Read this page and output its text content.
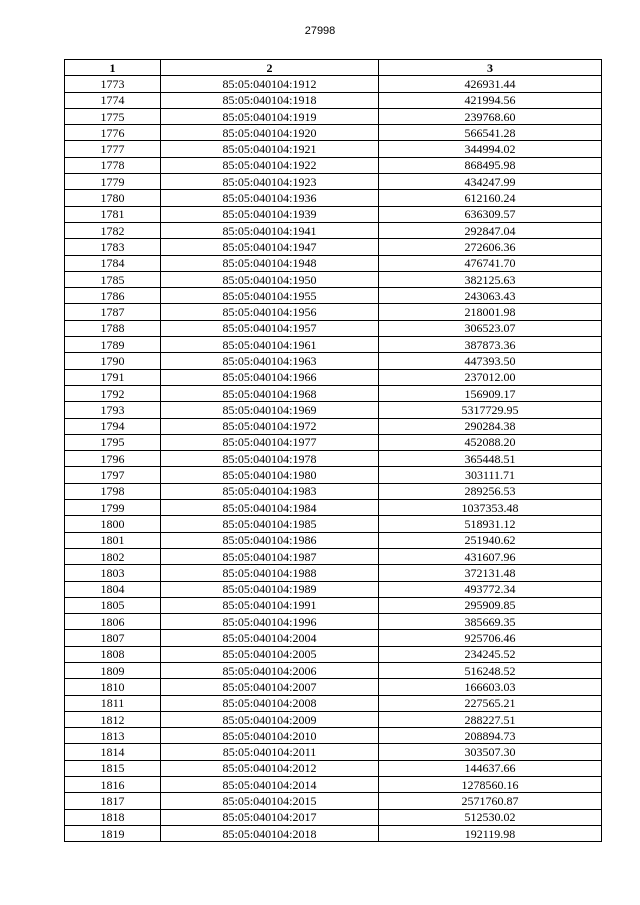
27998
1	2	3
1773	85:05:040104:1912	426931.44
1774	85:05:040104:1918	421994.56
1775	85:05:040104:1919	239768.60
1776	85:05:040104:1920	566541.28
1777	85:05:040104:1921	344994.02
1778	85:05:040104:1922	868495.98
1779	85:05:040104:1923	434247.99
1780	85:05:040104:1936	612160.24
1781	85:05:040104:1939	636309.57
1782	85:05:040104:1941	292847.04
1783	85:05:040104:1947	272606.36
1784	85:05:040104:1948	476741.70
1785	85:05:040104:1950	382125.63
1786	85:05:040104:1955	243063.43
1787	85:05:040104:1956	218001.98
1788	85:05:040104:1957	306523.07
1789	85:05:040104:1961	387873.36
1790	85:05:040104:1963	447393.50
1791	85:05:040104:1966	237012.00
1792	85:05:040104:1968	156909.17
1793	85:05:040104:1969	5317729.95
1794	85:05:040104:1972	290284.38
1795	85:05:040104:1977	452088.20
1796	85:05:040104:1978	365448.51
1797	85:05:040104:1980	303111.71
1798	85:05:040104:1983	289256.53
1799	85:05:040104:1984	1037353.48
1800	85:05:040104:1985	518931.12
1801	85:05:040104:1986	251940.62
1802	85:05:040104:1987	431607.96
1803	85:05:040104:1988	372131.48
1804	85:05:040104:1989	493772.34
1805	85:05:040104:1991	295909.85
1806	85:05:040104:1996	385669.35
1807	85:05:040104:2004	925706.46
1808	85:05:040104:2005	234245.52
1809	85:05:040104:2006	516248.52
1810	85:05:040104:2007	166603.03
1811	85:05:040104:2008	227565.21
1812	85:05:040104:2009	288227.51
1813	85:05:040104:2010	208894.73
1814	85:05:040104:2011	303507.30
1815	85:05:040104:2012	144637.66
1816	85:05:040104:2014	1278560.16
1817	85:05:040104:2015	2571760.87
1818	85:05:040104:2017	512530.02
1819	85:05:040104:2018	192119.98
